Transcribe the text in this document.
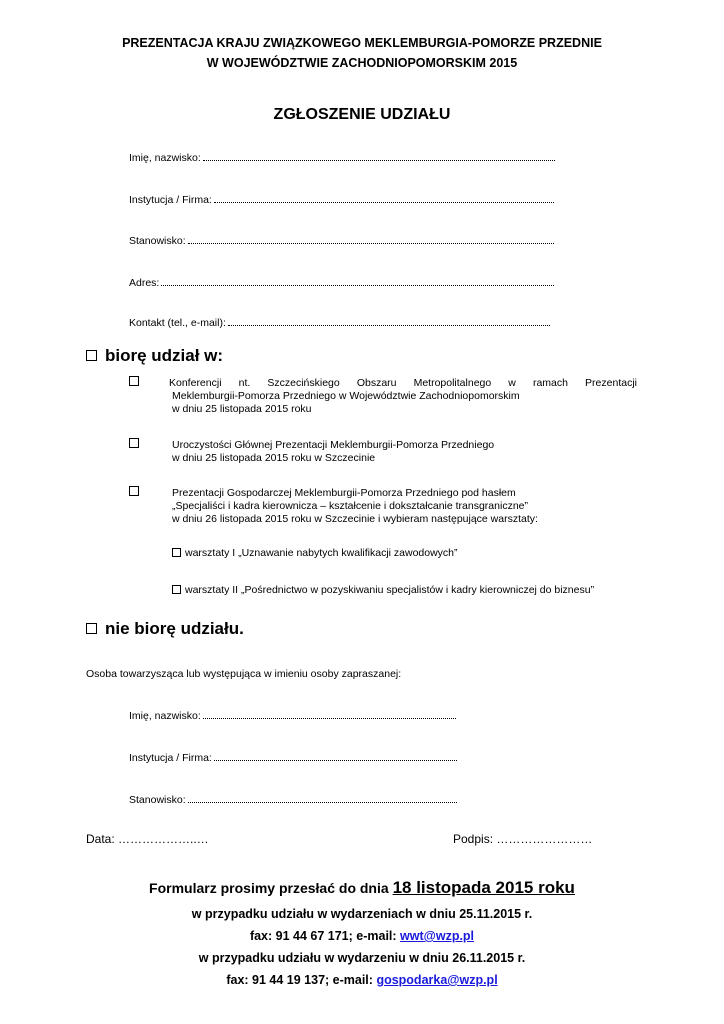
PREZENTACJA KRAJU ZWIĄZKOWEGO MEKLEMBURGIA-POMORZE PRZEDNIE
W WOJEWÓDZTWIE ZACHODNIOPOMORSKIM 2015
ZGŁOSZENIE UDZIAŁU
Imię, nazwisko:
Instytucja / Firma:
Stanowisko:
Adres:
Kontakt (tel., e-mail):
biorę udział w:
Konferencji nt. Szczecińskiego Obszaru Metropolitalnego w ramach Prezentacji
Meklemburgii-Pomorza Przedniego w Województwie Zachodniopomorskim
w dniu 25 listopada 2015 roku
Uroczystości Głównej Prezentacji Meklemburgii-Pomorza Przedniego
w dniu 25 listopada 2015 roku w Szczecinie
Prezentacji Gospodarczej Meklemburgii-Pomorza Przedniego pod hasłem
„Specjaliści i kadra kierownicza – kształcenie i dokształcanie transgraniczne”
w dniu 26 listopada 2015 roku w Szczecinie i wybieram następujące warsztaty:
warsztaty I „Uznawanie nabytych kwalifikacji zawodowych”
warsztaty II „Pośrednictwo w pozyskiwaniu specjalistów i kadry kierowniczej do biznesu”
nie biorę udziału.
Osoba towarzysząca lub występująca w imieniu osoby zapraszanej:
Imię, nazwisko:
Instytucja / Firma:
Stanowisko:
Data: ………………..…	Podpis: ……………………
Formularz prosimy przesłać do dnia 18 listopada 2015 roku
w przypadku udziału w wydarzeniach w dniu 25.11.2015 r.
fax: 91 44 67 171; e-mail: wwt@wzp.pl
w przypadku udziału w wydarzeniu w dniu 26.11.2015 r.
fax: 91 44 19 137; e-mail: gospodarka@wzp.pl
